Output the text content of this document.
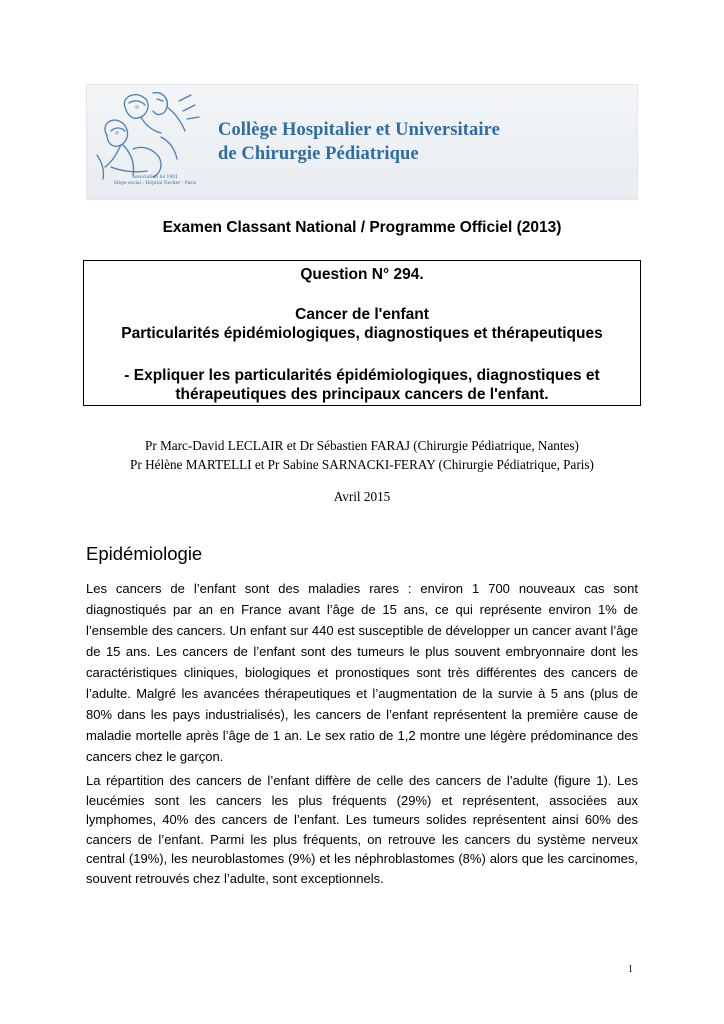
Association loi 1901
Siège social : Hôpital Necker - Paris
Collège Hospitalier et Universitaire
de Chirurgie Pédiatrique
Examen Classant National / Programme Officiel (2013)
Question N° 294.
Cancer de l'enfant
Particularités épidémiologiques, diagnostiques et thérapeutiques
- Expliquer les particularités épidémiologiques, diagnostiques et thérapeutiques des principaux cancers de l'enfant.
Pr Marc-David LECLAIR et Dr Sébastien FARAJ (Chirurgie Pédiatrique, Nantes)
Pr Hélène MARTELLI et Pr Sabine SARNACKI-FERAY (Chirurgie Pédiatrique, Paris)
Avril 2015
Epidémiologie

Les cancers de l’enfant sont des maladies rares : environ 1 700 nouveaux cas sont diagnostiqués par an en France avant l’âge de 15 ans, ce qui représente environ 1% de l’ensemble des cancers. Un enfant sur 440 est susceptible de développer un cancer avant l’âge de 15 ans. Les cancers de l’enfant sont des tumeurs le plus souvent embryonnaire dont les caractéristiques cliniques, biologiques et pronostiques sont très différentes des cancers de l’adulte. Malgré les avancées thérapeutiques et l’augmentation de la survie à 5 ans (plus de 80% dans les pays industrialisés), les cancers de l’enfant représentent la première cause de maladie mortelle après l’âge de 1 an. Le sex ratio de 1,2 montre une légère prédominance des cancers chez le garçon.

La répartition des cancers de l’enfant diffère de celle des cancers de l’adulte (figure 1). Les leucémies sont les cancers les plus fréquents (29%) et représentent, associées aux lymphomes, 40% des cancers de l’enfant. Les tumeurs solides représentent ainsi 60% des cancers de l’enfant. Parmi les plus fréquents, on retrouve les cancers du système nerveux central (19%), les neuroblastomes (9%) et les néphroblastomes (8%) alors que les carcinomes, souvent retrouvés chez l’adulte, sont exceptionnels.

1
